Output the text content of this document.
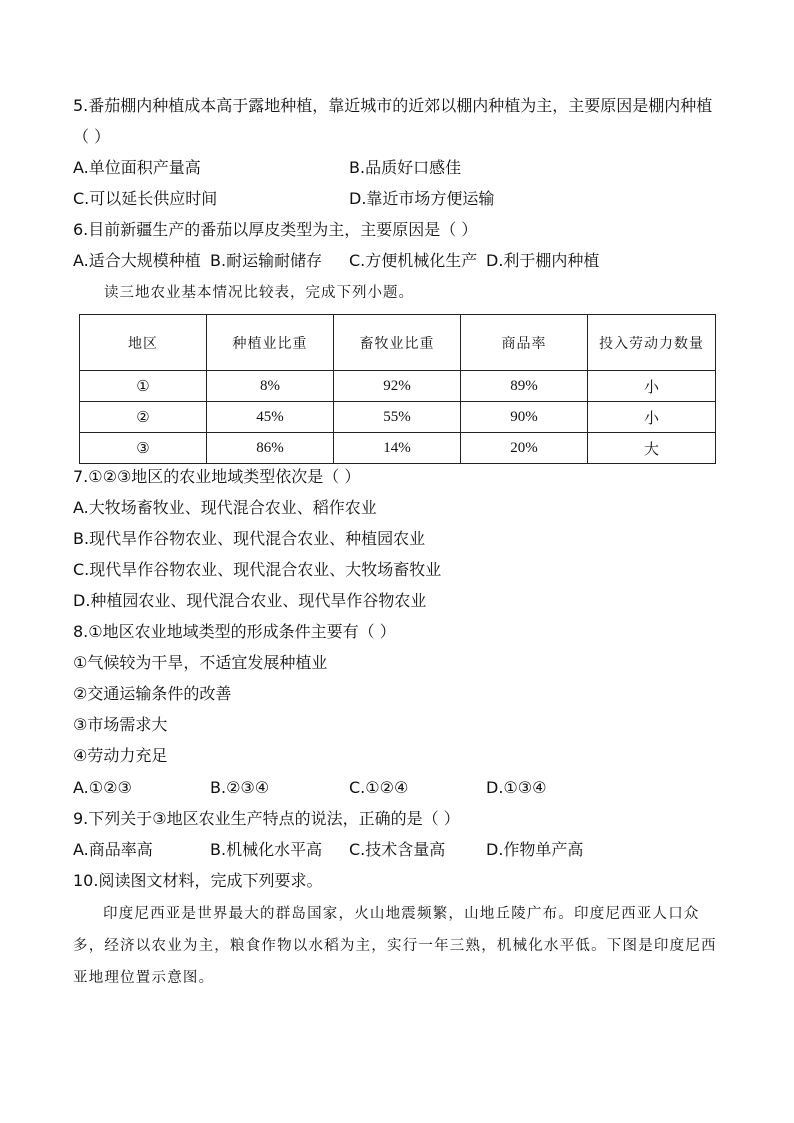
5.番茄棚内种植成本高于露地种植，靠近城市的近郊以棚内种植为主，主要原因是棚内种植
（ ）
A.单位面积产量高	B.品质好口感佳
C.可以延长供应时间	D.靠近市场方便运输
6.目前新疆生产的番茄以厚皮类型为主，主要原因是（ ）
A.适合大规模种植 B.耐运输耐储存 C.方便机械化生产 D.利于棚内种植
读三地农业基本情况比较表，完成下列小题。
地区	种植业比重	畜牧业比重	商品率	投入劳动力数量
①	8%	92%	89%	小
②	45%	55%	90%	小
③	86%	14%	20%	大
7.①②③地区的农业地域类型依次是（ ）
A.大牧场畜牧业、现代混合农业、稻作农业
B.现代旱作谷物农业、现代混合农业、种植园农业
C.现代旱作谷物农业、现代混合农业、大牧场畜牧业
D.种植园农业、现代混合农业、现代旱作谷物农业
8.①地区农业地域类型的形成条件主要有（ ）
①气候较为干旱，不适宜发展种植业
②交通运输条件的改善
③市场需求大
④劳动力充足
A.①②③	B.②③④	C.①②④	D.①③④
9.下列关于③地区农业生产特点的说法，正确的是（ ）
A.商品率高	B.机械化水平高 C.技术含量高	D.作物单产高
10.阅读图文材料，完成下列要求。
印度尼西亚是世界最大的群岛国家，火山地震频繁，山地丘陵广布。印度尼西亚人口众多，经济以农业为主，粮食作物以水稻为主，实行一年三熟，机械化水平低。下图是印度尼西亚地理位置示意图。
